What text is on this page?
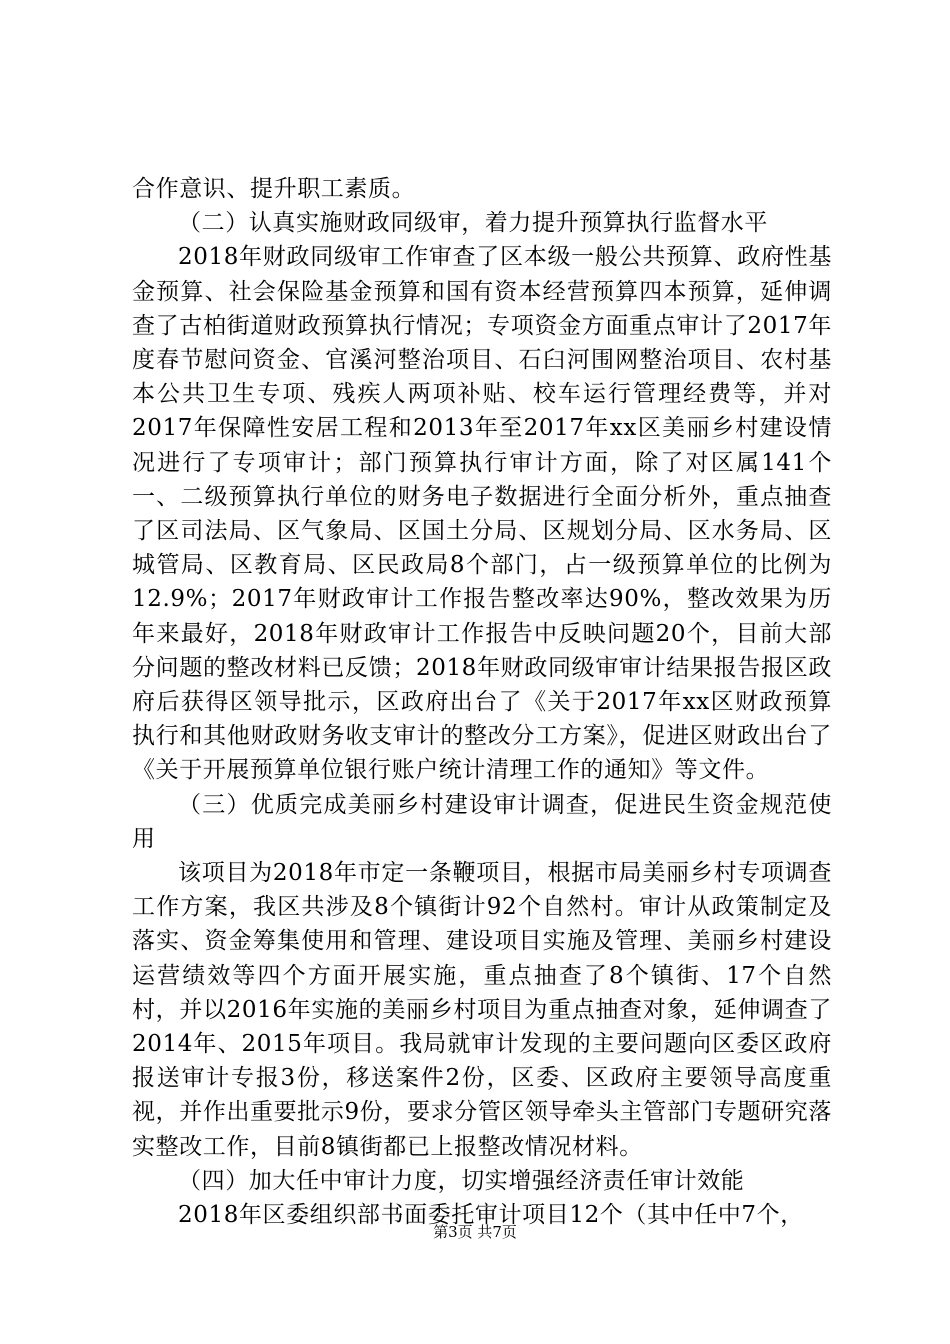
合作意识、提升职工素质。

（二）认真实施财政同级审，着力提升预算执行监督水平

2018年财政同级审工作审查了区本级一般公共预算、政府性基金预算、社会保险基金预算和国有资本经营预算四本预算，延伸调查了古柏街道财政预算执行情况；专项资金方面重点审计了2017年度春节慰问资金、官溪河整治项目、石臼河围网整治项目、农村基本公共卫生专项、残疾人两项补贴、校车运行管理经费等，并对2017年保障性安居工程和2013年至2017年xx区美丽乡村建设情况进行了专项审计；部门预算执行审计方面，除了对区属141个一、二级预算执行单位的财务电子数据进行全面分析外，重点抽查了区司法局、区气象局、区国土分局、区规划分局、区水务局、区城管局、区教育局、区民政局8个部门，占一级预算单位的比例为12.9%；2017年财政审计工作报告整改率达90%，整改效果为历年来最好，2018年财政审计工作报告中反映问题20个，目前大部分问题的整改材料已反馈；2018年财政同级审审计结果报告报区政府后获得区领导批示，区政府出台了《关于2017年xx区财政预算执行和其他财政财务收支审计的整改分工方案》，促进区财政出台了《关于开展预算单位银行账户统计清理工作的通知》等文件。

（三）优质完成美丽乡村建设审计调查，促进民生资金规范使用

该项目为2018年市定一条鞭项目，根据市局美丽乡村专项调查工作方案，我区共涉及8个镇街计92个自然村。审计从政策制定及落实、资金筹集使用和管理、建设项目实施及管理、美丽乡村建设运营绩效等四个方面开展实施，重点抽查了8个镇街、17个自然村，并以2016年实施的美丽乡村项目为重点抽查对象，延伸调查了2014年、2015年项目。我局就审计发现的主要问题向区委区政府报送审计专报3份，移送案件2份，区委、区政府主要领导高度重视，并作出重要批示9份，要求分管区领导牵头主管部门专题研究落实整改工作，目前8镇街都已上报整改情况材料。

（四）加大任中审计力度，切实增强经济责任审计效能

2018年区委组织部书面委托审计项目12个（其中任中7个，

第3页 共7页
